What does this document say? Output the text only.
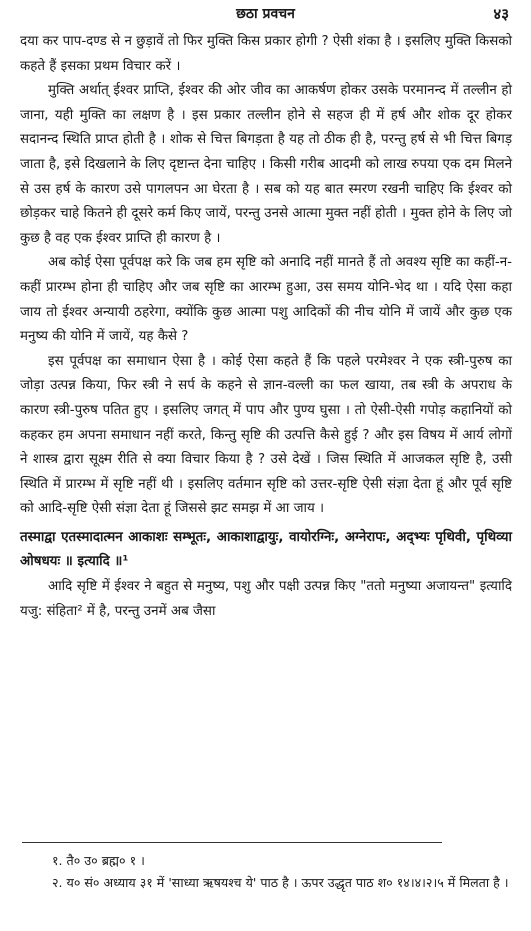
छठा प्रवचन	४३

दया कर पाप-दण्ड से न छुड़ावें तो फिर मुक्ति किस प्रकार होगी ? ऐसी शंका है । इसलिए मुक्ति किसको कहते हैं इसका प्रथम विचार करें ।

मुक्ति अर्थात् ईश्वर प्राप्ति, ईश्वर की ओर जीव का आकर्षण होकर उसके परमानन्द में तल्लीन हो जाना, यही मुक्ति का लक्षण है । इस प्रकार तल्लीन होने से सहज ही में हर्ष और शोक दूर होकर सदानन्द स्थिति प्राप्त होती है । शोक से चित्त बिगड़ता है यह तो ठीक ही है, परन्तु हर्ष से भी चित्त बिगड़ जाता है, इसे दिखलाने के लिए दृष्टान्त देना चाहिए । किसी गरीब आदमी को लाख रुपया एक दम मिलने से उस हर्ष के कारण उसे पागलपन आ घेरता है । सब को यह बात स्मरण रखनी चाहिए कि ईश्वर को छोड़कर चाहे कितने ही दूसरे कर्म किए जायें, परन्तु उनसे आत्मा मुक्त नहीं होती । मुक्त होने के लिए जो कुछ है वह एक ईश्वर प्राप्ति ही कारण है ।

अब कोई ऐसा पूर्वपक्ष करे कि जब हम सृष्टि को अनादि नहीं मानते हैं तो अवश्य सृष्टि का कहीं-न-कहीं प्रारम्भ होना ही चाहिए और जब सृष्टि का आरम्भ हुआ, उस समय योनि-भेद था । यदि ऐसा कहा जाय तो ईश्वर अन्यायी ठहरेगा, क्योंकि कुछ आत्मा पशु आदिकों की नीच योनि में जायें और कुछ एक मनुष्य की योनि में जायें, यह कैसे ?

इस पूर्वपक्ष का समाधान ऐसा है । कोई ऐसा कहते हैं कि पहले परमेश्वर ने एक स्त्री-पुरुष का जोड़ा उत्पन्न किया, फिर स्त्री ने सर्प के कहने से ज्ञान-वल्ली का फल खाया, तब स्त्री के अपराध के कारण स्त्री-पुरुष पतित हुए । इसलिए जगत् में पाप और पुण्य घुसा । तो ऐसी-ऐसी गपोड़ कहानियों को कहकर हम अपना समाधान नहीं करते, किन्तु सृष्टि की उत्पत्ति कैसे हुई ? और इस विषय में आर्य लोगों ने शास्त्र द्वारा सूक्ष्म रीति से क्या विचार किया है ? उसे देखें । जिस स्थिति में आजकल सृष्टि है, उसी स्थिति में प्रारम्भ में सृष्टि नहीं थी । इसलिए वर्तमान सृष्टि को उत्तर-सृष्टि ऐसी संज्ञा देता हूं और पूर्व सृष्टि को आदि-सृष्टि ऐसी संज्ञा देता हूं जिससे झट समझ में आ जाय ।

तस्माद्वा एतस्मादात्मन आकाशः सम्भूतः, आकाशाद्वायुः, वायोरग्निः, अग्नेरापः, अद्भ्यः पृथिवी, पृथिव्या ओषधयः ॥ इत्यादि ॥¹

आदि सृष्टि में ईश्वर ने बहुत से मनुष्य, पशु और पक्षी उत्पन्न किए "ततो मनुष्या अजायन्त" इत्यादि यजु: संहिता² में है, परन्तु उनमें अब जैसा

१. तै० उ० ब्रह्म० १ ।

२. य० सं० अध्याय ३१ में 'साध्या ऋषयश्च ये' पाठ है । ऊपर उद्धृत पाठ श० १४।४।२।५ में मिलता है ।
